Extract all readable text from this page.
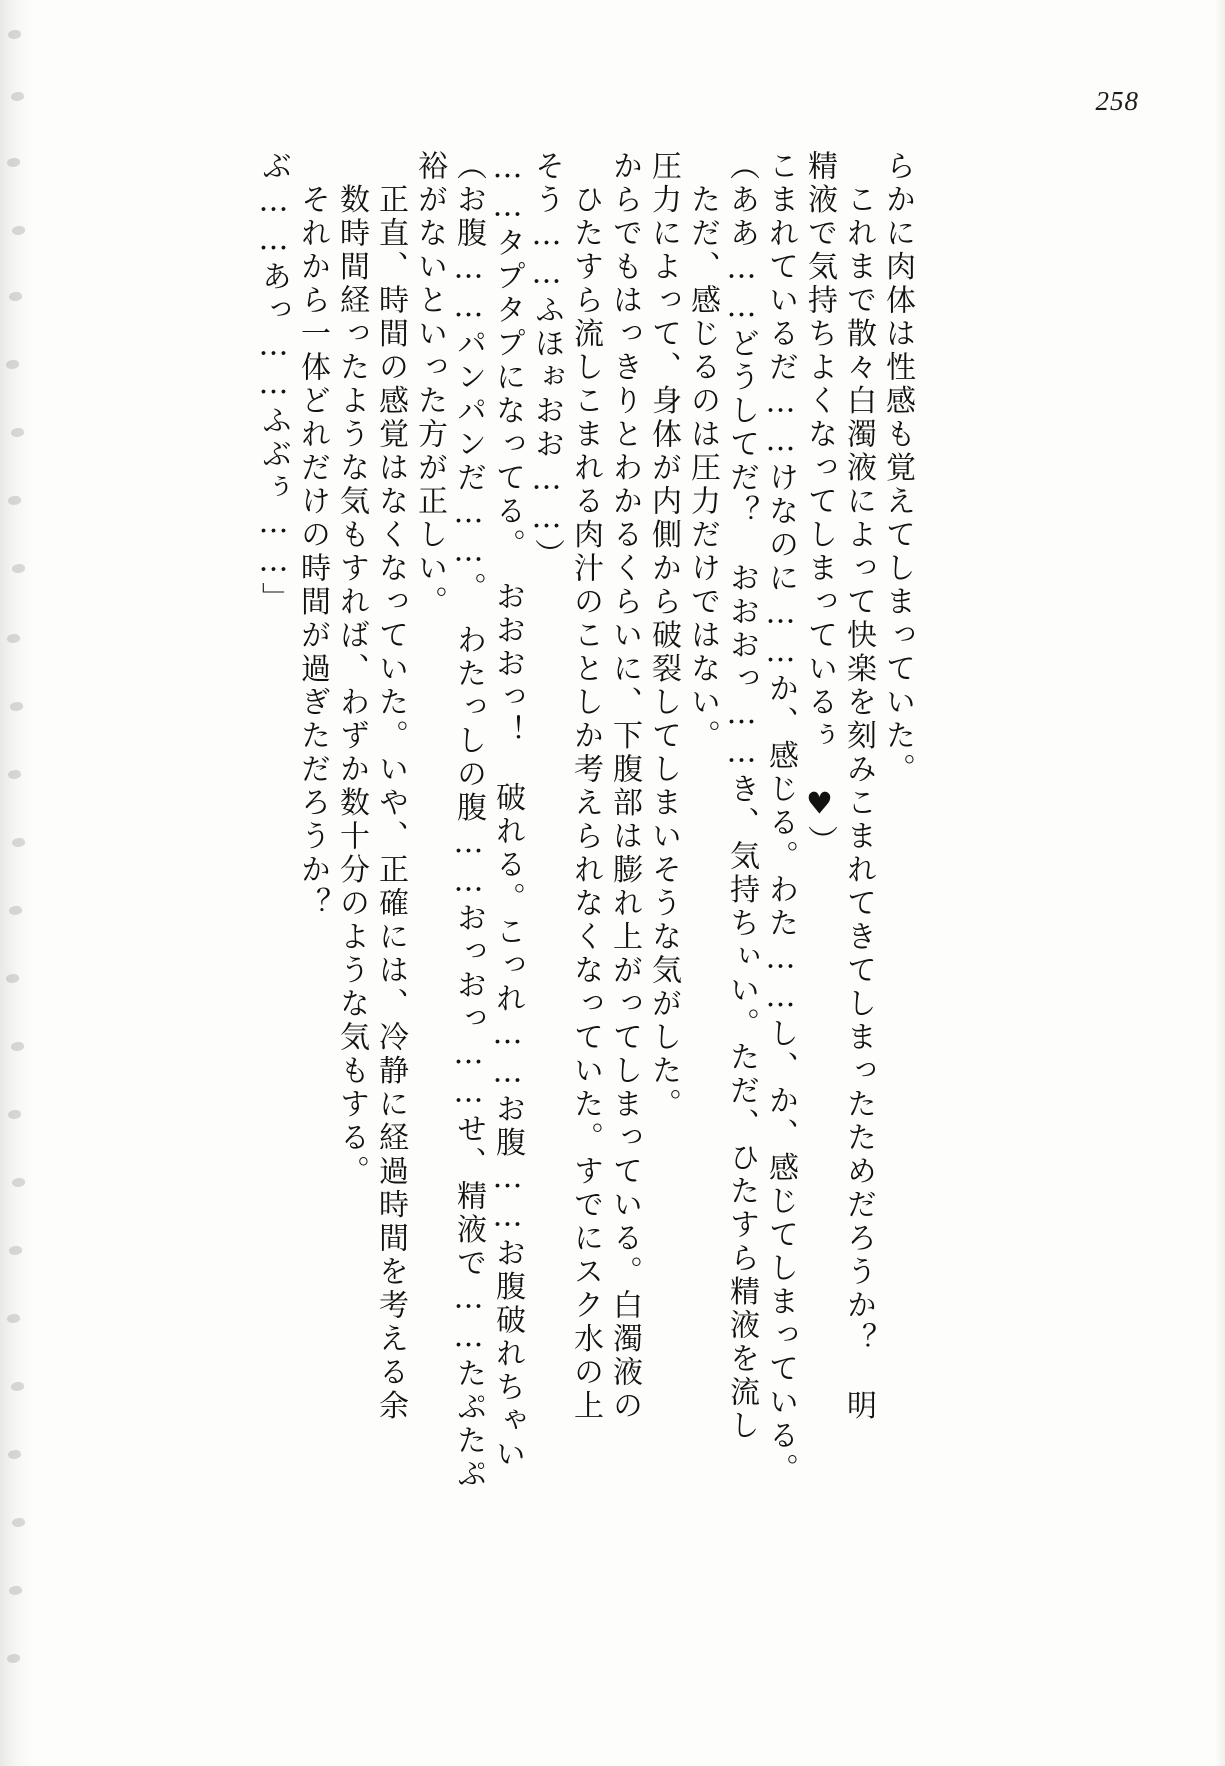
258
ぶ……あっ……ふぶぅ……」 　それから一体どれだけの時間が過ぎただろうか？ 　数時間経ったような気もすれば、わずか数十分のような気もする。 　正直、時間の感覚はなくなっていた。いや、正確には、冷静に経過時間を考える余 裕がないといった方が正しい。 （お腹……パンパンだ……。　わたっしの腹……おっおっ……せ、精液で……たぷたぷ ……タプタプになってる。　おおおっ！　破れる。こっれ……お腹……お腹破れちゃい そう……ふほぉおお……） 　ひたすら流しこまれる肉汁のことしか考えられなくなっていた。すでにスク水の上 からでもはっきりとわかるくらいに、下腹部は膨れ上がってしまっている。白濁液の 圧力によって、身体が内側から破裂してしまいそうな気がした。 　ただ、感じるのは圧力だけではない。 （ああ……どうしてだ？　おおおっ……き、気持ちぃい。ただ、ひたすら精液を流し こまれているだ……けなのに……か、感じる。わた……し、か、感じてしまっている。 精液で気持ちよくなってしまっているぅ　♥） 　これまで散々白濁液によって快楽を刻みこまれてきてしまったためだろうか？　明 らかに肉体は性感も覚えてしまっていた。
